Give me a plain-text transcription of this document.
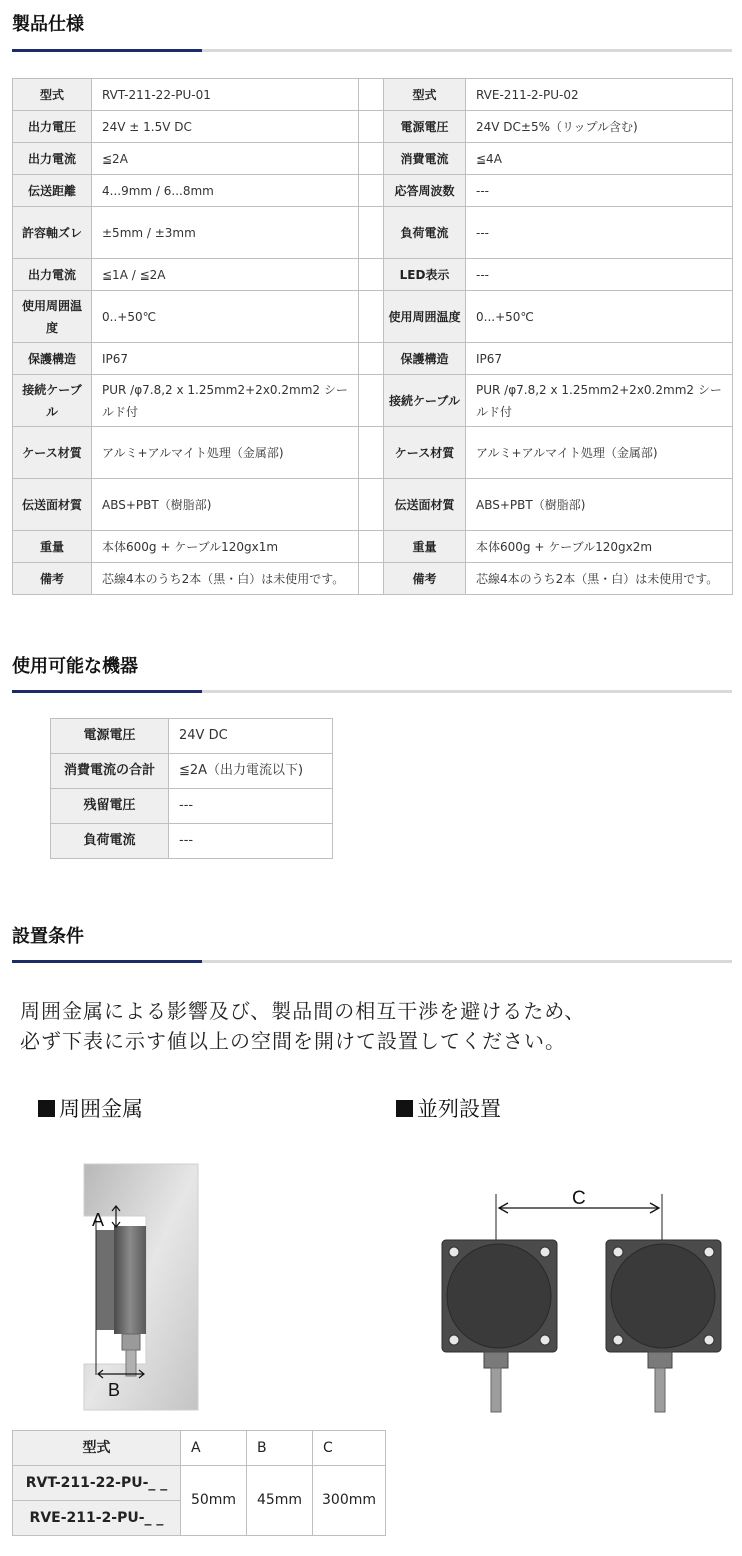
製品仕様
型式	RVT-211-22-PU-01		型式	RVE-211-2-PU-02
出力電圧	24V ± 1.5V DC		電源電圧	24V DC±5%（リップル含む)
出力電流	≦2A		消費電流	≦4A
伝送距離	4...9mm / 6...8mm		応答周波数	---
許容軸ズレ	±5mm / ±3mm		負荷電流	---
出力電流	≦1A / ≦2A		LED表示	---
使用周囲温度	0..+50℃		使用周囲温度	0...+50℃
保護構造	IP67		保護構造	IP67
接続ケーブル	PUR /φ7.8,2 x 1.25mm2+2x0.2mm2 シールド付		接続ケーブル	PUR /φ7.8,2 x 1.25mm2+2x0.2mm2 シールド付
ケース材質	アルミ+アルマイト処理（金属部)		ケース材質	アルミ+アルマイト処理（金属部)
伝送面材質	ABS+PBT（樹脂部)		伝送面材質	ABS+PBT（樹脂部)
重量	本体600g + ケーブル120gx1m		重量	本体600g + ケーブル120gx2m
備考	芯線4本のうち2本（黒・白）は未使用です。		備考	芯線4本のうち2本（黒・白）は未使用です。
使用可能な機器
電源電圧	24V DC
消費電流の合計	≦2A（出力電流以下)
残留電圧	---
負荷電流	---
設置条件
周囲金属による影響及び、製品間の相互干渉を避けるため、
必ず下表に示す値以上の空間を開けて設置してください。
周囲金属	並列設置
A
B
C
型式	A	B	C
RVT-211-22-PU-_ _	50mm	45mm	300mm
RVE-211-2-PU-_ _			
